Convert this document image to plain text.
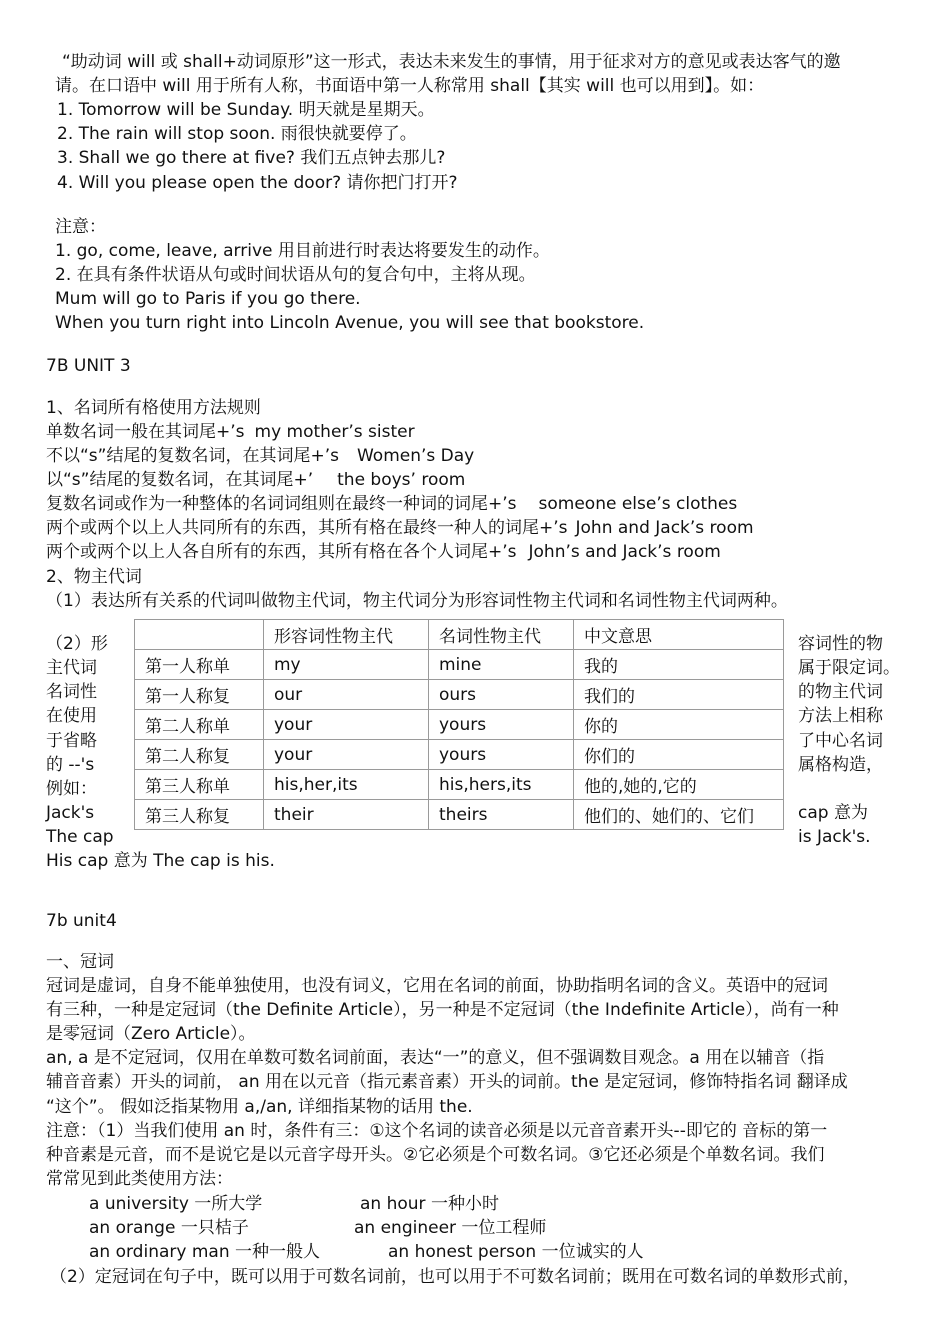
“助动词 will 或 shall+动词原形”这一形式，表达未来发生的事情，用于征求对方的意见或表达客气的邀
请。在口语中 will 用于所有人称，书面语中第一人称常用 shall【其实 will 也可以用到】。如：
1. Tomorrow will be Sunday. 明天就是星期天。
2. The rain will stop soon. 雨很快就要停了。
3. Shall we go there at five? 我们五点钟去那儿?
4. Will you please open the door? 请你把门打开?
注意：
1. go, come, leave, arrive 用目前进行时表达将要发生的动作。
2. 在具有条件状语从句或时间状语从句的复合句中，主将从现。
Mum will go to Paris if you go there.
When you turn right into Lincoln Avenue, you will see that bookstore.
7B UNIT 3
1、名词所有格使用方法规则
单数名词一般在其词尾+’s my mother’s sister
不以“s”结尾的复数名词，在其词尾+’s Women’s Day
以“s”结尾的复数名词，在其词尾+’ the boys’ room
复数名词或作为一种整体的名词词组则在最终一种词的词尾+’s someone else’s clothes
两个或两个以上人共同所有的东西，其所有格在最终一种人的词尾+’s John and Jack’s room
两个或两个以上人各自所有的东西，其所有格在各个人词尾+’s John’s and Jack’s room
2、物主代词
（1）表达所有关系的代词叫做物主代词，物主代词分为形容词性物主代词和名词性物主代词两种。
（2）形
主代词
名词性
在使用
于省略
的 --'s
例如：
Jack's
The cap
容词性的物
属于限定词。
的物主代词
方法上相称
了中心名词
属格构造，
cap 意为
is Jack's.
His cap 意为 The cap is his.
	形容词性物主代	名词性物主代	中文意思
第一人称单	my	mine	我的
第一人称复	our	ours	我们的
第二人称单	your	yours	你的
第二人称复	your	yours	你们的
第三人称单	his,her,its	his,hers,its	他的,她的,它的
第三人称复	their	theirs	他们的、她们的、它们
7b unit4
一、冠词
冠词是虚词，自身不能单独使用，也没有词义，它用在名词的前面，协助指明名词的含义。英语中的冠词
有三种，一种是定冠词（the Definite Article），另一种是不定冠词（the Indefinite Article），尚有一种
是零冠词（Zero Article）。
an, a 是不定冠词，仅用在单数可数名词前面，表达“一”的意义，但不强调数目观念。a 用在以辅音（指
辅音音素）开头的词前， an 用在以元音（指元素音素）开头的词前。the 是定冠词，修饰特指名词 翻译成
“这个”。 假如泛指某物用 a,/an, 详细指某物的话用 the.
注意：（1）当我们使用 an 时，条件有三：①这个名词的读音必须是以元音音素开头--即它的 音标的第一
种音素是元音，而不是说它是以元音字母开头。②它必须是个可数名词。③它还必须是个单数名词。我们
常常见到此类使用方法：
a university 一所大学	an hour 一种小时
an orange 一只桔子	an engineer 一位工程师
an ordinary man 一种一般人	an honest person 一位诚实的人
（2）定冠词在句子中，既可以用于可数名词前，也可以用于不可数名词前；既用在可数名词的单数形式前，
